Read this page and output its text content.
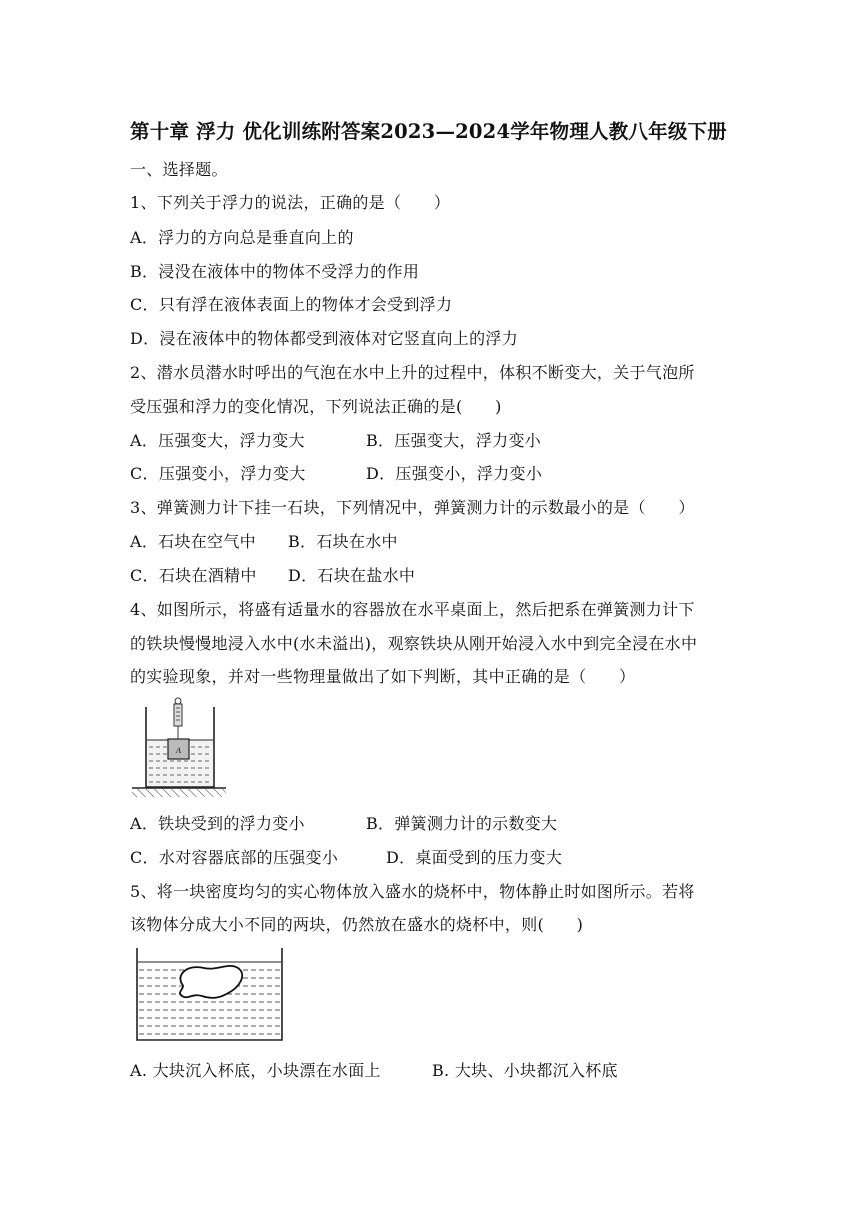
第十章 浮力 优化训练附答案2023—2024学年物理人教八年级下册
一、选择题。
1、下列关于浮力的说法，正确的是（　　）
A．浮力的方向总是垂直向上的
B．浸没在液体中的物体不受浮力的作用
C．只有浮在液体表面上的物体才会受到浮力
D．浸在液体中的物体都受到液体对它竖直向上的浮力
2、潜水员潜水时呼出的气泡在水中上升的过程中，体积不断变大，关于气泡所
受压强和浮力的变化情况，下列说法正确的是(　　)
A．压强变大，浮力变大	B．压强变大，浮力变小
C．压强变小，浮力变大	D．压强变小，浮力变小
3、弹簧测力计下挂一石块，下列情况中，弹簧测力计的示数最小的是（　　）
A．石块在空气中 B．石块在水中
C．石块在酒精中 D．石块在盐水中
4、如图所示，将盛有适量水的容器放在水平桌面上，然后把系在弹簧测力计下
的铁块慢慢地浸入水中(水未溢出)，观察铁块从刚开始浸入水中到完全浸在水中
的实验现象，并对一些物理量做出了如下判断，其中正确的是（　　）
A
A．铁块受到的浮力变小	B．弹簧测力计的示数变大
C．水对容器底部的压强变小	D．桌面受到的压力变大
5、将一块密度均匀的实心物体放入盛水的烧杯中，物体静止时如图所示。若将
该物体分成大小不同的两块，仍然放在盛水的烧杯中，则(　　)
A. 大块沉入杯底，小块漂在水面上	B. 大块、小块都沉入杯底
